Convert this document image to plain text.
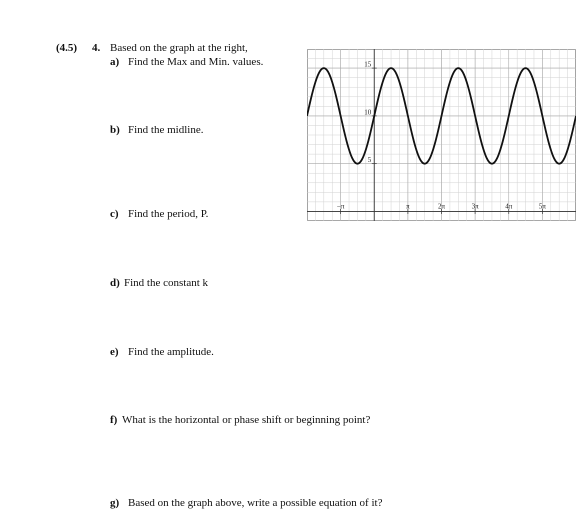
(4.5) 4. Based on the graph at the right,
a) Find the Max and Min. values.
b) Find the midline.
c) Find the period, P.
d) Find the constant k
e) Find the amplitude.
f) What is the horizontal or phase shift or beginning point?
g) Based on the graph above, write a possible equation of it?
−π	π	2π	3π	4π	5π
5
10
15
